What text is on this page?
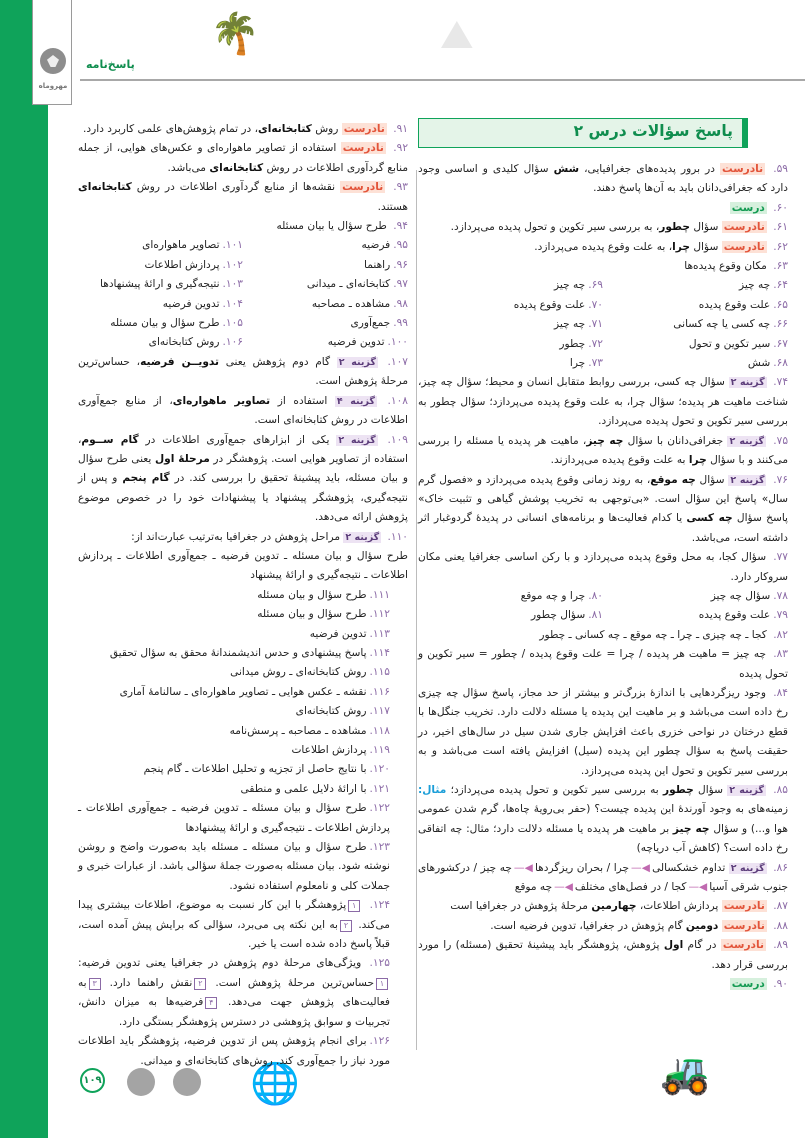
مهروماه
پاسخ‌نامه
🌴	⛰
🌐	🚜
پاسخ سؤالات درس ۲
۵۹. نادرست در برور پدیده‌های جغرافیایی، شش سؤال کلیدی و اساسی وجود دارد که جغرافی‌دانان باید به آن‌ها پاسخ دهند.
۶۰. درست
۶۱. نادرست سؤال چطور، به بررسی سیر تکوین و تحول پدیده می‌پردازد.
۶۲. نادرست سؤال چرا، به علت وقوع پدیده می‌پردازد.
۶۳. مکان وقوع پدیده‌ها
۶۴.چه چیز
۶۹.چه چیز
۶۵.علت وقوع پدیده
۷۰.علت وقوع پدیده
۶۶.چه کسی یا چه کسانی
۷۱.چه چیز
۶۷.سیر تکوین و تحول
۷۲.چطور
۶۸.شش
۷۳.چرا
۷۴. گزینه ۲ سؤال چه کسی، بررسی روابط متقابل انسان و محیط؛ سؤال چه چیز، شناخت ماهیت هر پدیده؛ سؤال چرا، به علت وقوع پدیده می‌پردازد؛ سؤال چطور به بررسی سیر تکوین و تحول پدیده می‌پردازد.
۷۵. گزینه ۲ جغرافی‌دانان با سؤال چه چیز، ماهیت هر پدیده یا مسئله را بررسی می‌کنند و با سؤال چرا به علت وقوع پدیده می‌پردازند.
۷۶. گزینه ۲ سؤال چه موقع، به روند زمانی وقوع پدیده می‌پردازد و «فصول گرم سال» پاسخ این سؤال است. «بی‌توجهی به تخریب پوشش گیاهی و تثبیت خاک» پاسخ سؤال چه کسی یا کدام فعالیت‌ها و برنامه‌های انسانی در پدیدهٔ گردوغبار اثر داشته است، می‌باشد.
۷۷. سؤال کجا، به محل وقوع پدیده می‌پردازد و با رکن اساسی جغرافیا یعنی مکان سروکار دارد.
۷۸.سؤال چه چیز
۸۰.چرا و چه موقع
۷۹.علت وقوع پدیده
۸۱.سؤال چطور
۸۲. کجا ـ چه چیزی ـ چرا ـ چه موقع ـ چه کسانی ـ چطور
۸۳. چه چیز = ماهیت هر پدیده / چرا = علت وقوع پدیده / چطور = سیر تکوین و تحول پدیده
۸۴. وجود ریزگردهایی با اندازهٔ بزرگ‌تر و بیشتر از حد مجاز، پاسخ سؤال چه چیزی رخ داده است می‌باشد و بر ماهیت این پدیده یا مسئله دلالت دارد. تخریب جنگل‌ها با قطع درختان در نواحی خزری باعث افزایش جاری شدن سیل در سال‌های اخیر، در حقیقت پاسخ به سؤال چطور این پدیده (سیل) افزایش یافته است می‌باشد و به بررسی سیر تکوین و تحول این پدیده می‌پردازد.
۸۵. گزینه ۲ سؤال چطور به بررسی سیر تکوین و تحول پدیده می‌پردازد؛ مثال: زمینه‌های به وجود آورندهٔ این پدیده چیست؟ (حفر بی‌رویهٔ چاه‌ها، گرم شدن عمومی هوا و...) و سؤال چه چیز بر ماهیت هر پدیده یا مسئله دلالت دارد؛ مثال: چه اتفاقی رخ داده است؟ (کاهش آب دریاچه)
۸۶. گزینه ۲ تداوم خشکسالی◀—چرا / بحران ریزگردها◀—چه چیز / درکشورهای جنوب شرقی آسیا◀—کجا / در فصل‌های مختلف◀—چه موقع
۸۷. نادرست پردازش اطلاعات، چهارمین مرحلهٔ پژوهش در جغرافیا است
۸۸. نادرست دومین گام پژوهش در جغرافیا، تدوین فرضیه است.
۸۹. نادرست در گام اول پژوهش، پژوهشگر باید پیشینهٔ تحقیق (مسئله) را مورد بررسی قرار دهد.
۹۰. درست
۹۱. نادرست روش کتابخانه‌ای، در تمام پژوهش‌های علمی کاربرد دارد.
۹۲. نادرست استفاده از تصاویر ماهواره‌ای و عکس‌های هوایی، از جمله منابع گردآوری اطلاعات در روش کتابخانه‌ای می‌باشد.
۹۳. نادرست نقشه‌ها از منابع گردآوری اطلاعات در روش کتابخانه‌ای هستند.
۹۴. طرح سؤال یا بیان مسئله
۹۵.فرضیه
۱۰۱.تصاویر ماهواره‌ای
۹۶.راهنما
۱۰۲.پردازش اطلاعات
۹۷.کتابخانه‌ای ـ میدانی
۱۰۳.نتیجه‌گیری و ارائهٔ پیشنهادها
۹۸.مشاهده ـ مصاحبه
۱۰۴.تدوین فرضیه
۹۹.جمع‌آوری
۱۰۵.طرح سؤال و بیان مسئله
۱۰۰.تدوین فرضیه
۱۰۶.روش کتابخانه‌ای
۱۰۷. گزینه ۲ گام دوم پژوهش یعنی تدویــن فرضیه، حساس‌ترین مرحلهٔ پژوهش است.
۱۰۸. گزینه ۴ استفاده از تصاویر ماهواره‌ای، از منابع جمع‌آوری اطلاعات در روش کتابخانه‌ای است.
۱۰۹. گزینه ۲ یکی از ابزارهای جمع‌آوری اطلاعات در گام ســوم، استفاده از تصاویر هوایی است. پژوهشگر در مرحلهٔ اول یعنی طرح سؤال و بیان مسئله، باید پیشینهٔ تحقیق را بررسی کند. در گام پنجم و پس از نتیجه‌گیری، پژوهشگر پیشنهاد یا پیشنهادات خود را در خصوص موضوع پژوهش ارائه می‌دهد.
۱۱۰. گزینه ۲ مراحل پژوهش در جغرافیا به‌ترتیب عبارت‌اند از:
طرح سؤال و بیان مسئله ـ تدوین فرضیه ـ جمع‌آوری اطلاعات ـ پردازش اطلاعات ـ نتیجه‌گیری و ارائهٔ پیشنهاد
۱۱۱.طرح سؤال و بیان مسئله
۱۱۲.طرح سؤال و بیان مسئله
۱۱۳.تدوین فرضیه
۱۱۴.پاسخ پیشنهادی و حدس اندیشمندانهٔ محقق به سؤال تحقیق
۱۱۵.روش کتابخانه‌ای ـ روش میدانی
۱۱۶.نقشه ـ عکس هوایی ـ تصاویر ماهواره‌ای ـ سالنامهٔ آماری
۱۱۷.روش کتابخانه‌ای
۱۱۸.مشاهده ـ مصاحبه ـ پرسش‌نامه
۱۱۹.پردازش اطلاعات
۱۲۰.با نتایج حاصل از تجزیه و تحلیل اطلاعات ـ گام پنجم
۱۲۱.با ارائهٔ دلایل علمی و منطقی
۱۲۲.طرح سؤال و بیان مسئله ـ تدوین فرضیه ـ جمع‌آوری اطلاعات ـ پردازش اطلاعات ـ نتیجه‌گیری و ارائهٔ پیشنهادها
۱۲۳.طرح سؤال و بیان مسئله ـ مسئله باید به‌صورت واضح و روشن نوشته شود. بیان مسئله به‌صورت جملهٔ سؤالی باشد. از عبارات خبری و جملات کلی و نامعلوم استفاده نشود.
۱۲۴. ۱پژوهشگر با این کار نسبت به موضوع، اطلاعات بیشتری پیدا می‌کند. ۲به این نکته پی می‌برد، سؤالی که برایش پیش آمده است، قبلاً پاسخ داده شده است یا خیر.
۱۲۵. ویژگی‌های مرحلهٔ دوم پژوهش در جغرافیا یعنی تدوین فرضیه: ۱حساس‌ترین مرحلهٔ پژوهش است. ۲نقش راهنما دارد. ۳به فعالیت‌های پژوهش جهت می‌دهد. ۴فرضیه‌ها به میزان دانش، تجربیات و سوابق پژوهشی در دسترس پژوهشگر بستگی دارد.
۱۲۶.برای انجام پژوهش پس از تدوین فرضیه، پژوهشگر باید اطلاعات مورد نیاز را جمع‌آوری کند. روش‌های کتابخانه‌ای و میدانی.
۱۰۹
